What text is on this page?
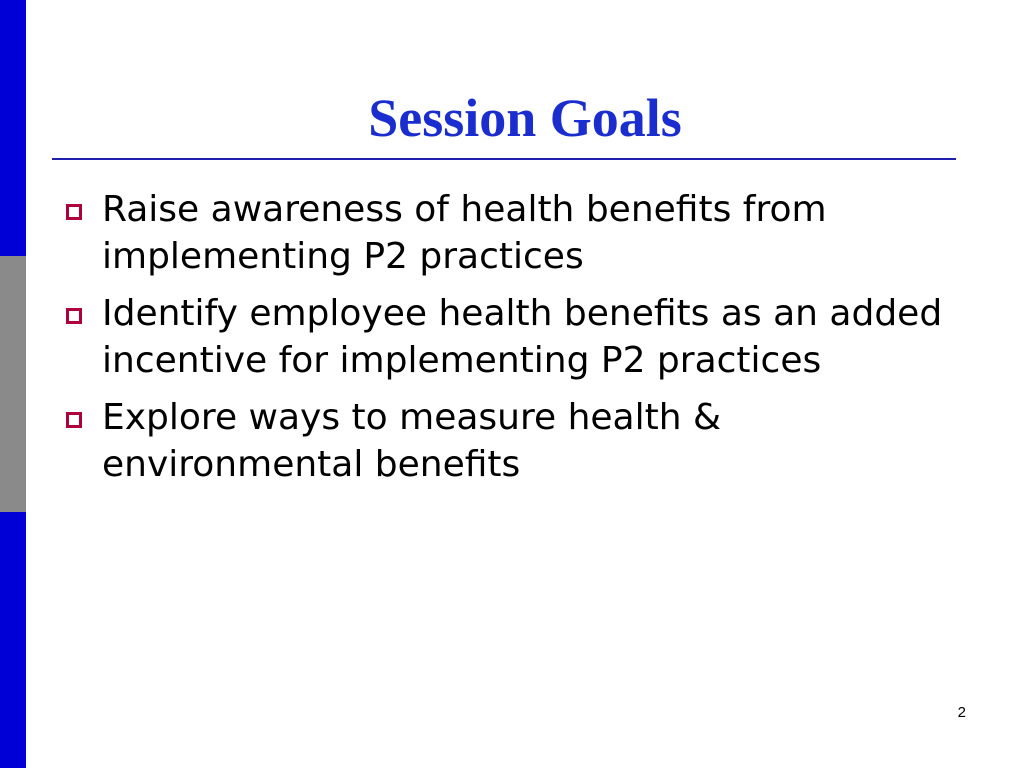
Session Goals
Raise awareness of health benefits from implementing P2 practices
Identify employee health benefits as an added incentive for implementing P2 practices
Explore ways to measure health & environmental benefits
2
